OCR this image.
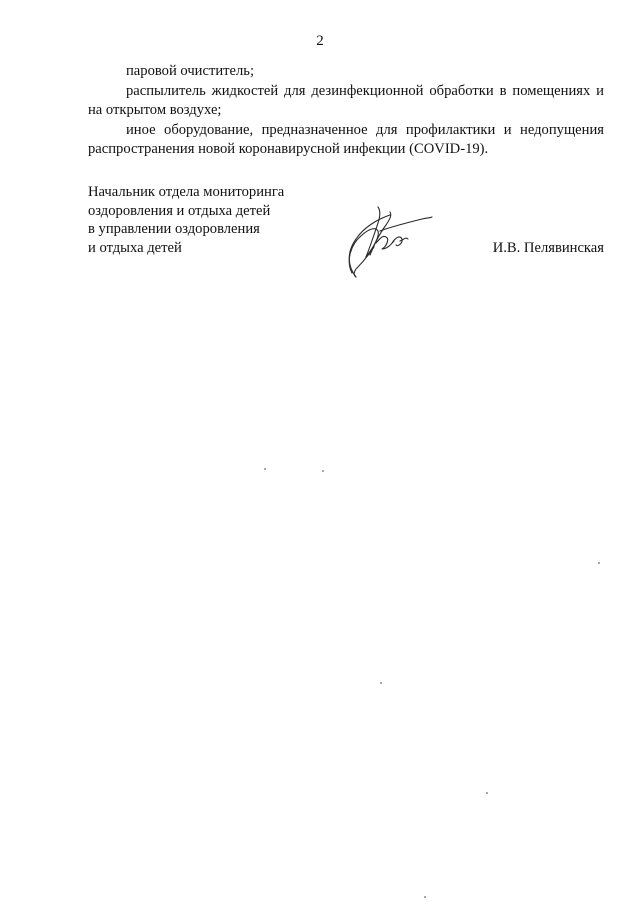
2

паровой очиститель;

распылитель жидкостей для дезинфекционной обработки в помещениях и на открытом воздухе;

иное оборудование, предназначенное для профилактики и недопущения распространения новой коронавирусной инфекции (COVID-19).

Начальник отдела мониторинга
оздоровления и отдыха детей
в управлении оздоровления
и отдыха детей	И.В. Пелявинская
